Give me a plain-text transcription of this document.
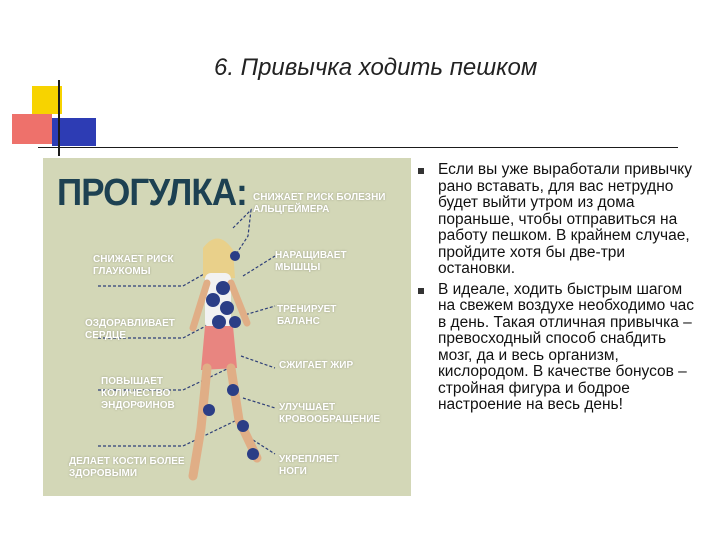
6. Привычка ходить пешком
ПРОГУЛКА: СНИЖАЕТ РИСК БОЛЕЗНИ АЛЬЦГЕЙМЕРА
СНИЖАЕТ РИСК ГЛАУКОМЫ
НАРАЩИВАЕТ МЫШЦЫ
ОЗДОРАВЛИВАЕТ СЕРДЦЕ
ТРЕНИРУЕТ БАЛАНС
ПОВЫШАЕТ КОЛИЧЕСТВО ЭНДОРФИНОВ
СЖИГАЕТ ЖИР
УЛУЧШАЕТ КРОВООБРАЩЕНИЕ
ДЕЛАЕТ КОСТИ БОЛЕЕ ЗДОРОВЫМИ
УКРЕПЛЯЕТ НОГИ
Если вы уже выработали привычку рано вставать, для вас нетрудно будет выйти утром из дома пораньше, чтобы отправиться на работу пешком. В крайнем случае, пройдите хотя бы две-три остановки.
В идеале, ходить быстрым шагом на свежем воздухе необходимо час в день. Такая отличная привычка – превосходный способ снабдить мозг, да и весь организм, кислородом. В качестве бонусов – стройная фигура и бодрое настроение на весь день!
